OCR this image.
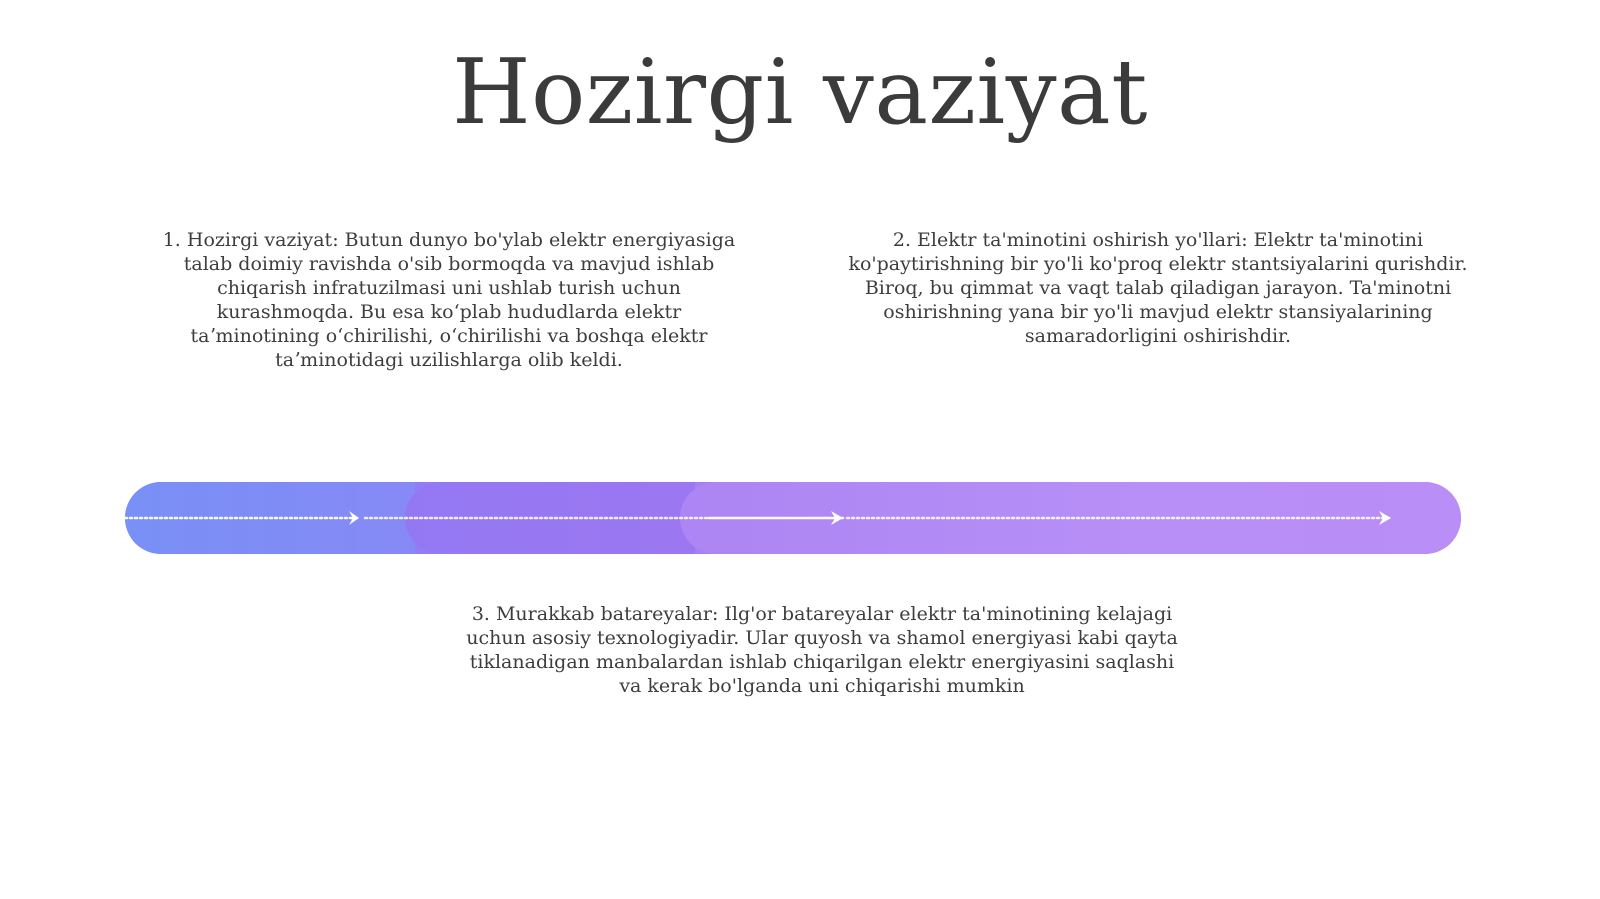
Hozirgi vaziyat

1. Hozirgi vaziyat: Butun dunyo bo'ylab elektr energiyasiga talab doimiy ravishda o'sib bormoqda va mavjud ishlab chiqarish infratuzilmasi uni ushlab turish uchun kurashmoqda. Bu esa koʻplab hududlarda elektr taʼminotining oʻchirilishi, oʻchirilishi va boshqa elektr taʼminotidagi uzilishlarga olib keldi.

2. Elektr ta'minotini oshirish yo'llari: Elektr ta'minotini ko'paytirishning bir yo'li ko'proq elektr stantsiyalarini qurishdir. Biroq, bu qimmat va vaqt talab qiladigan jarayon. Ta'minotni oshirishning yana bir yo'li mavjud elektr stansiyalarining samaradorligini oshirishdir.

3. Murakkab batareyalar: Ilg'or batareyalar elektr ta'minotining kelajagi uchun asosiy texnologiyadir. Ular quyosh va shamol energiyasi kabi qayta tiklanadigan manbalardan ishlab chiqarilgan elektr energiyasini saqlashi va kerak bo'lganda uni chiqarishi mumkin
